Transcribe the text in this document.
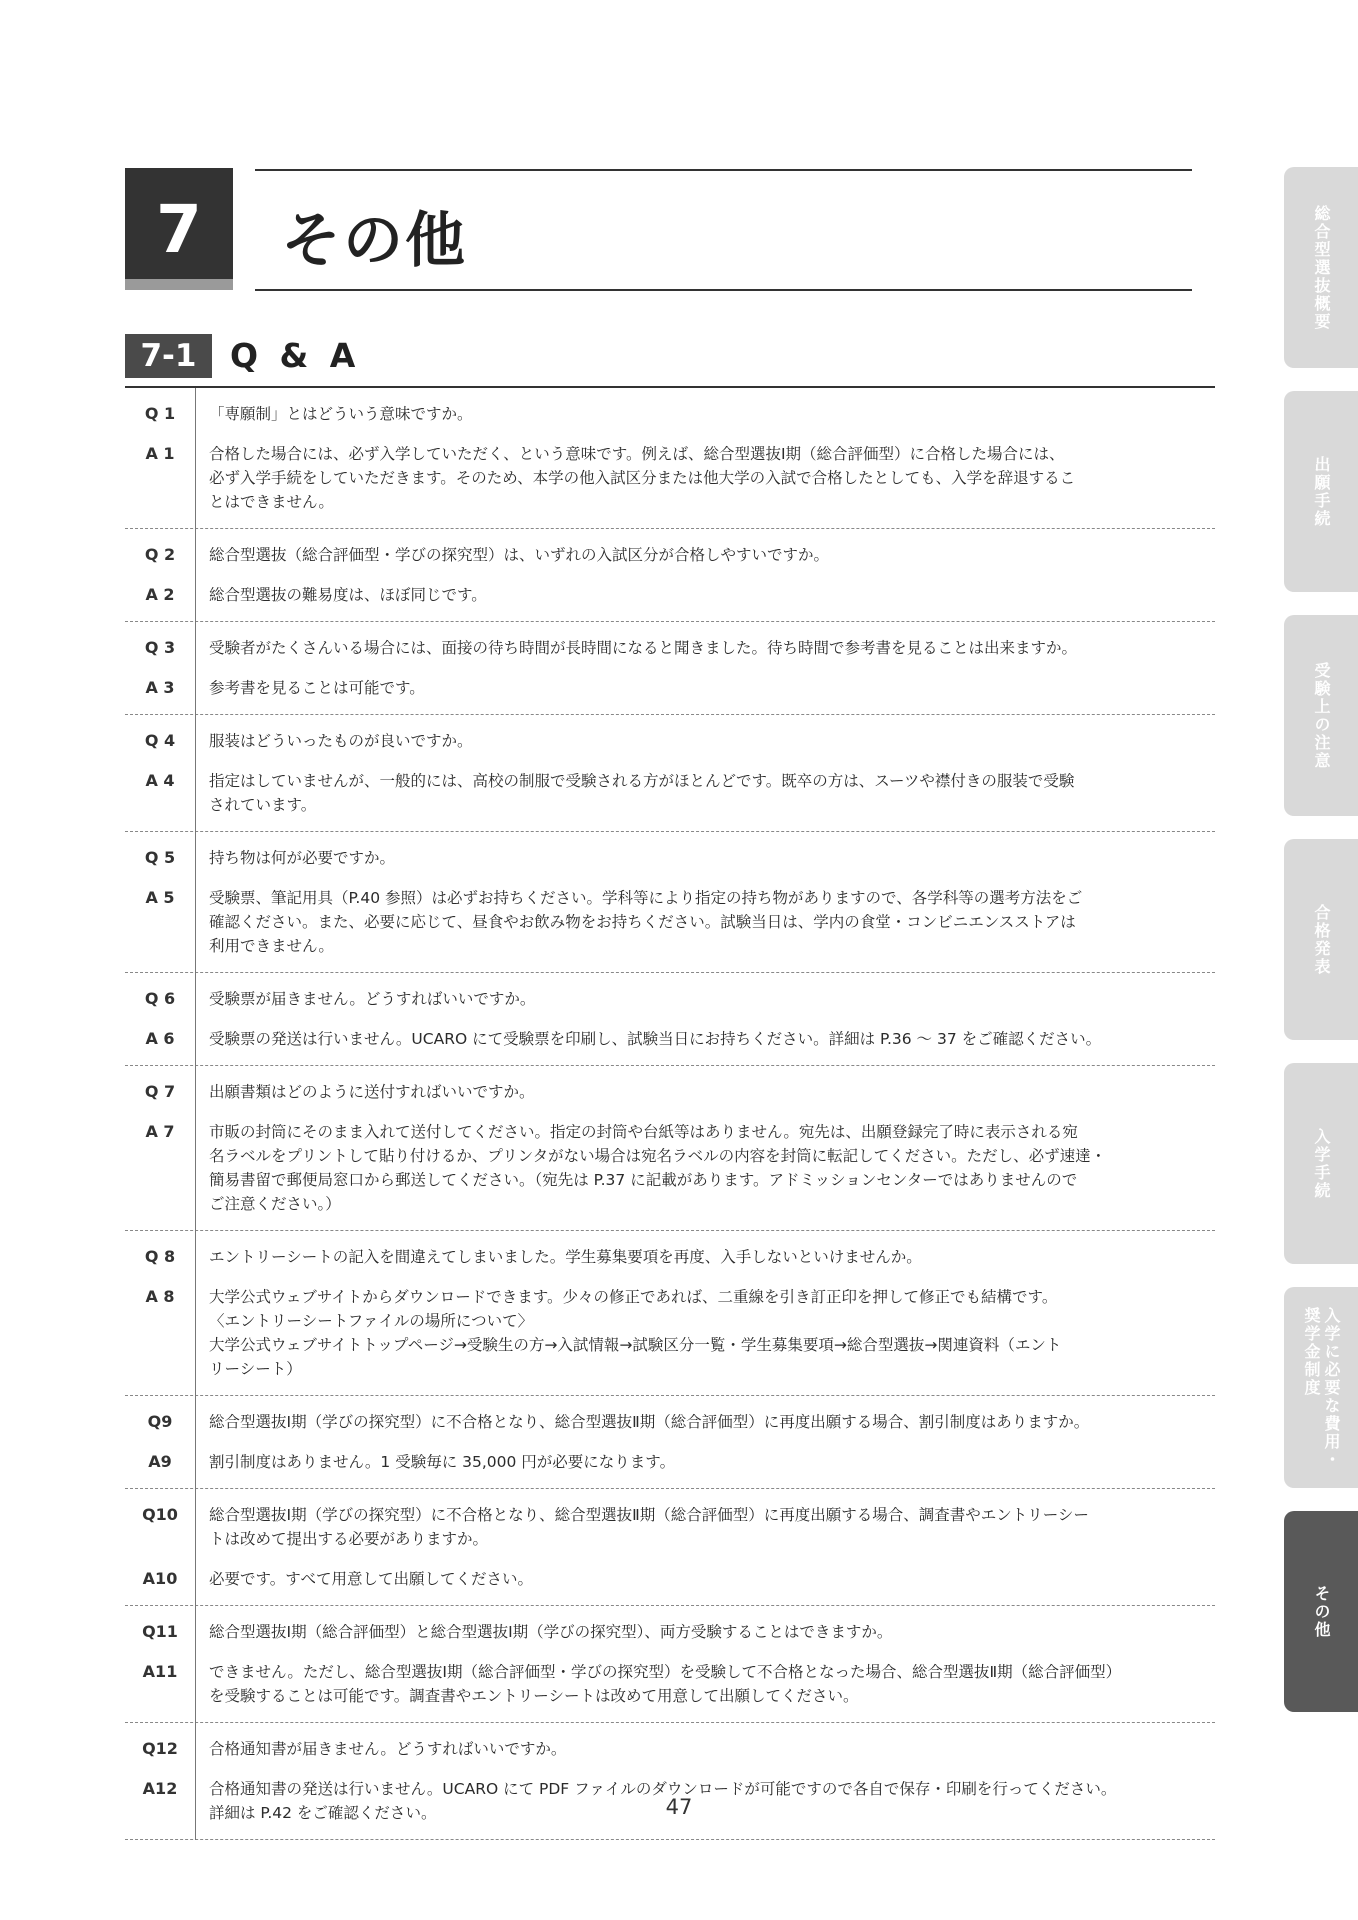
7	その他
7-1	Q & A
Q 1	「専願制」とはどういう意味ですか。
A 1	合格した場合には、必ず入学していただく、という意味です。例えば、総合型選抜Ⅰ期（総合評価型）に合格した場合には、
必ず入学手続をしていただきます。そのため、本学の他入試区分または他大学の入試で合格したとしても、入学を辞退するこ
とはできません。
Q 2	総合型選抜（総合評価型・学びの探究型）は、いずれの入試区分が合格しやすいですか。
A 2	総合型選抜の難易度は、ほぼ同じです。
Q 3	受験者がたくさんいる場合には、面接の待ち時間が長時間になると聞きました。待ち時間で参考書を見ることは出来ますか。
A 3	参考書を見ることは可能です。
Q 4	服装はどういったものが良いですか。
A 4	指定はしていませんが、一般的には、高校の制服で受験される方がほとんどです。既卒の方は、スーツや襟付きの服装で受験
されています。
Q 5	持ち物は何が必要ですか。
A 5	受験票、筆記用具（P.40 参照）は必ずお持ちください。学科等により指定の持ち物がありますので、各学科等の選考方法をご
確認ください。また、必要に応じて、昼食やお飲み物をお持ちください。試験当日は、学内の食堂・コンビニエンスストアは
利用できません。
Q 6	受験票が届きません。どうすればいいですか。
A 6	受験票の発送は行いません。UCARO にて受験票を印刷し、試験当日にお持ちください。詳細は P.36 ～ 37 をご確認ください。
Q 7	出願書類はどのように送付すればいいですか。
A 7	市販の封筒にそのまま入れて送付してください。指定の封筒や台紙等はありません。宛先は、出願登録完了時に表示される宛
名ラベルをプリントして貼り付けるか、プリンタがない場合は宛名ラベルの内容を封筒に転記してください。ただし、必ず速達・
簡易書留で郵便局窓口から郵送してください。（宛先は P.37 に記載があります。アドミッションセンターではありませんので
ご注意ください。）
Q 8	エントリーシートの記入を間違えてしまいました。学生募集要項を再度、入手しないといけませんか。
A 8	大学公式ウェブサイトからダウンロードできます。少々の修正であれば、二重線を引き訂正印を押して修正でも結構です。
〈エントリーシートファイルの場所について〉
大学公式ウェブサイトトップページ→受験生の方→入試情報→試験区分一覧・学生募集要項→総合型選抜→関連資料（エント
リーシート）
Q9	総合型選抜Ⅰ期（学びの探究型）に不合格となり、総合型選抜Ⅱ期（総合評価型）に再度出願する場合、割引制度はありますか。
A9	割引制度はありません。1 受験毎に 35,000 円が必要になります。
Q10	総合型選抜Ⅰ期（学びの探究型）に不合格となり、総合型選抜Ⅱ期（総合評価型）に再度出願する場合、調査書やエントリーシー
トは改めて提出する必要がありますか。
A10	必要です。すべて用意して出願してください。
Q11	総合型選抜Ⅰ期（総合評価型）と総合型選抜Ⅰ期（学びの探究型）、両方受験することはできますか。
A11	できません。ただし、総合型選抜Ⅰ期（総合評価型・学びの探究型）を受験して不合格となった場合、総合型選抜Ⅱ期（総合評価型）
を受験することは可能です。調査書やエントリーシートは改めて用意して出願してください。
Q12	合格通知書が届きません。どうすればいいですか。
A12	合格通知書の発送は行いません。UCARO にて PDF ファイルのダウンロードが可能ですので各自で保存・印刷を行ってください。
詳細は P.42 をご確認ください。
総合型選抜概要
出願手続
受験上の注意
合格発表
入学手続
入学に必要な費用・
奨学金制度
その他
47
